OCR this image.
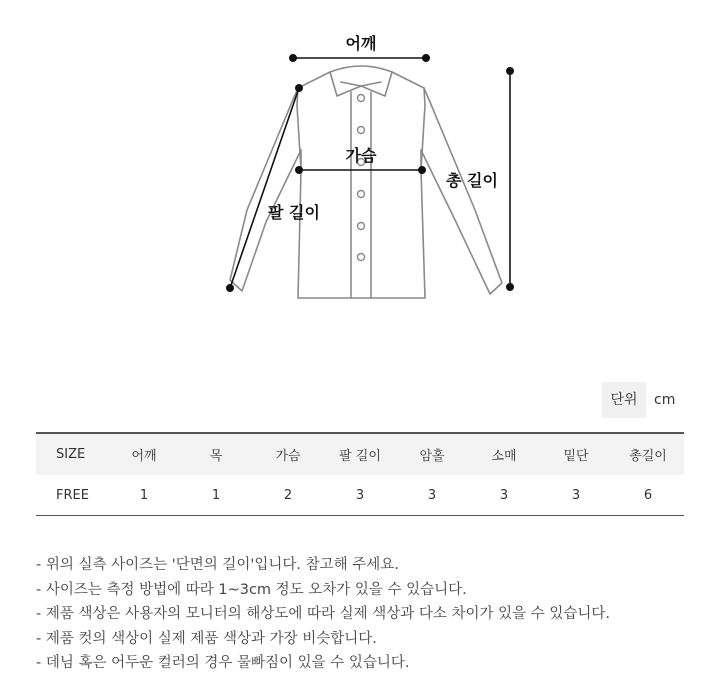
어깨
가슴
총 길이
팔 길이
단위	cm
SIZE	어깨	목	가슴	팔 길이	암홀	소매	밑단	총길이
FREE	1	1	2	3	3	3	3	6
- 위의 실측 사이즈는 '단면의 길이'입니다. 참고해 주세요.
- 사이즈는 측정 방법에 따라 1~3cm 정도 오차가 있을 수 있습니다.
- 제품 색상은 사용자의 모니터의 해상도에 따라 실제 색상과 다소 차이가 있을 수 있습니다.
- 제품 컷의 색상이 실제 제품 색상과 가장 비슷합니다.
- 데님 혹은 어두운 컬러의 경우 물빠짐이 있을 수 있습니다.
